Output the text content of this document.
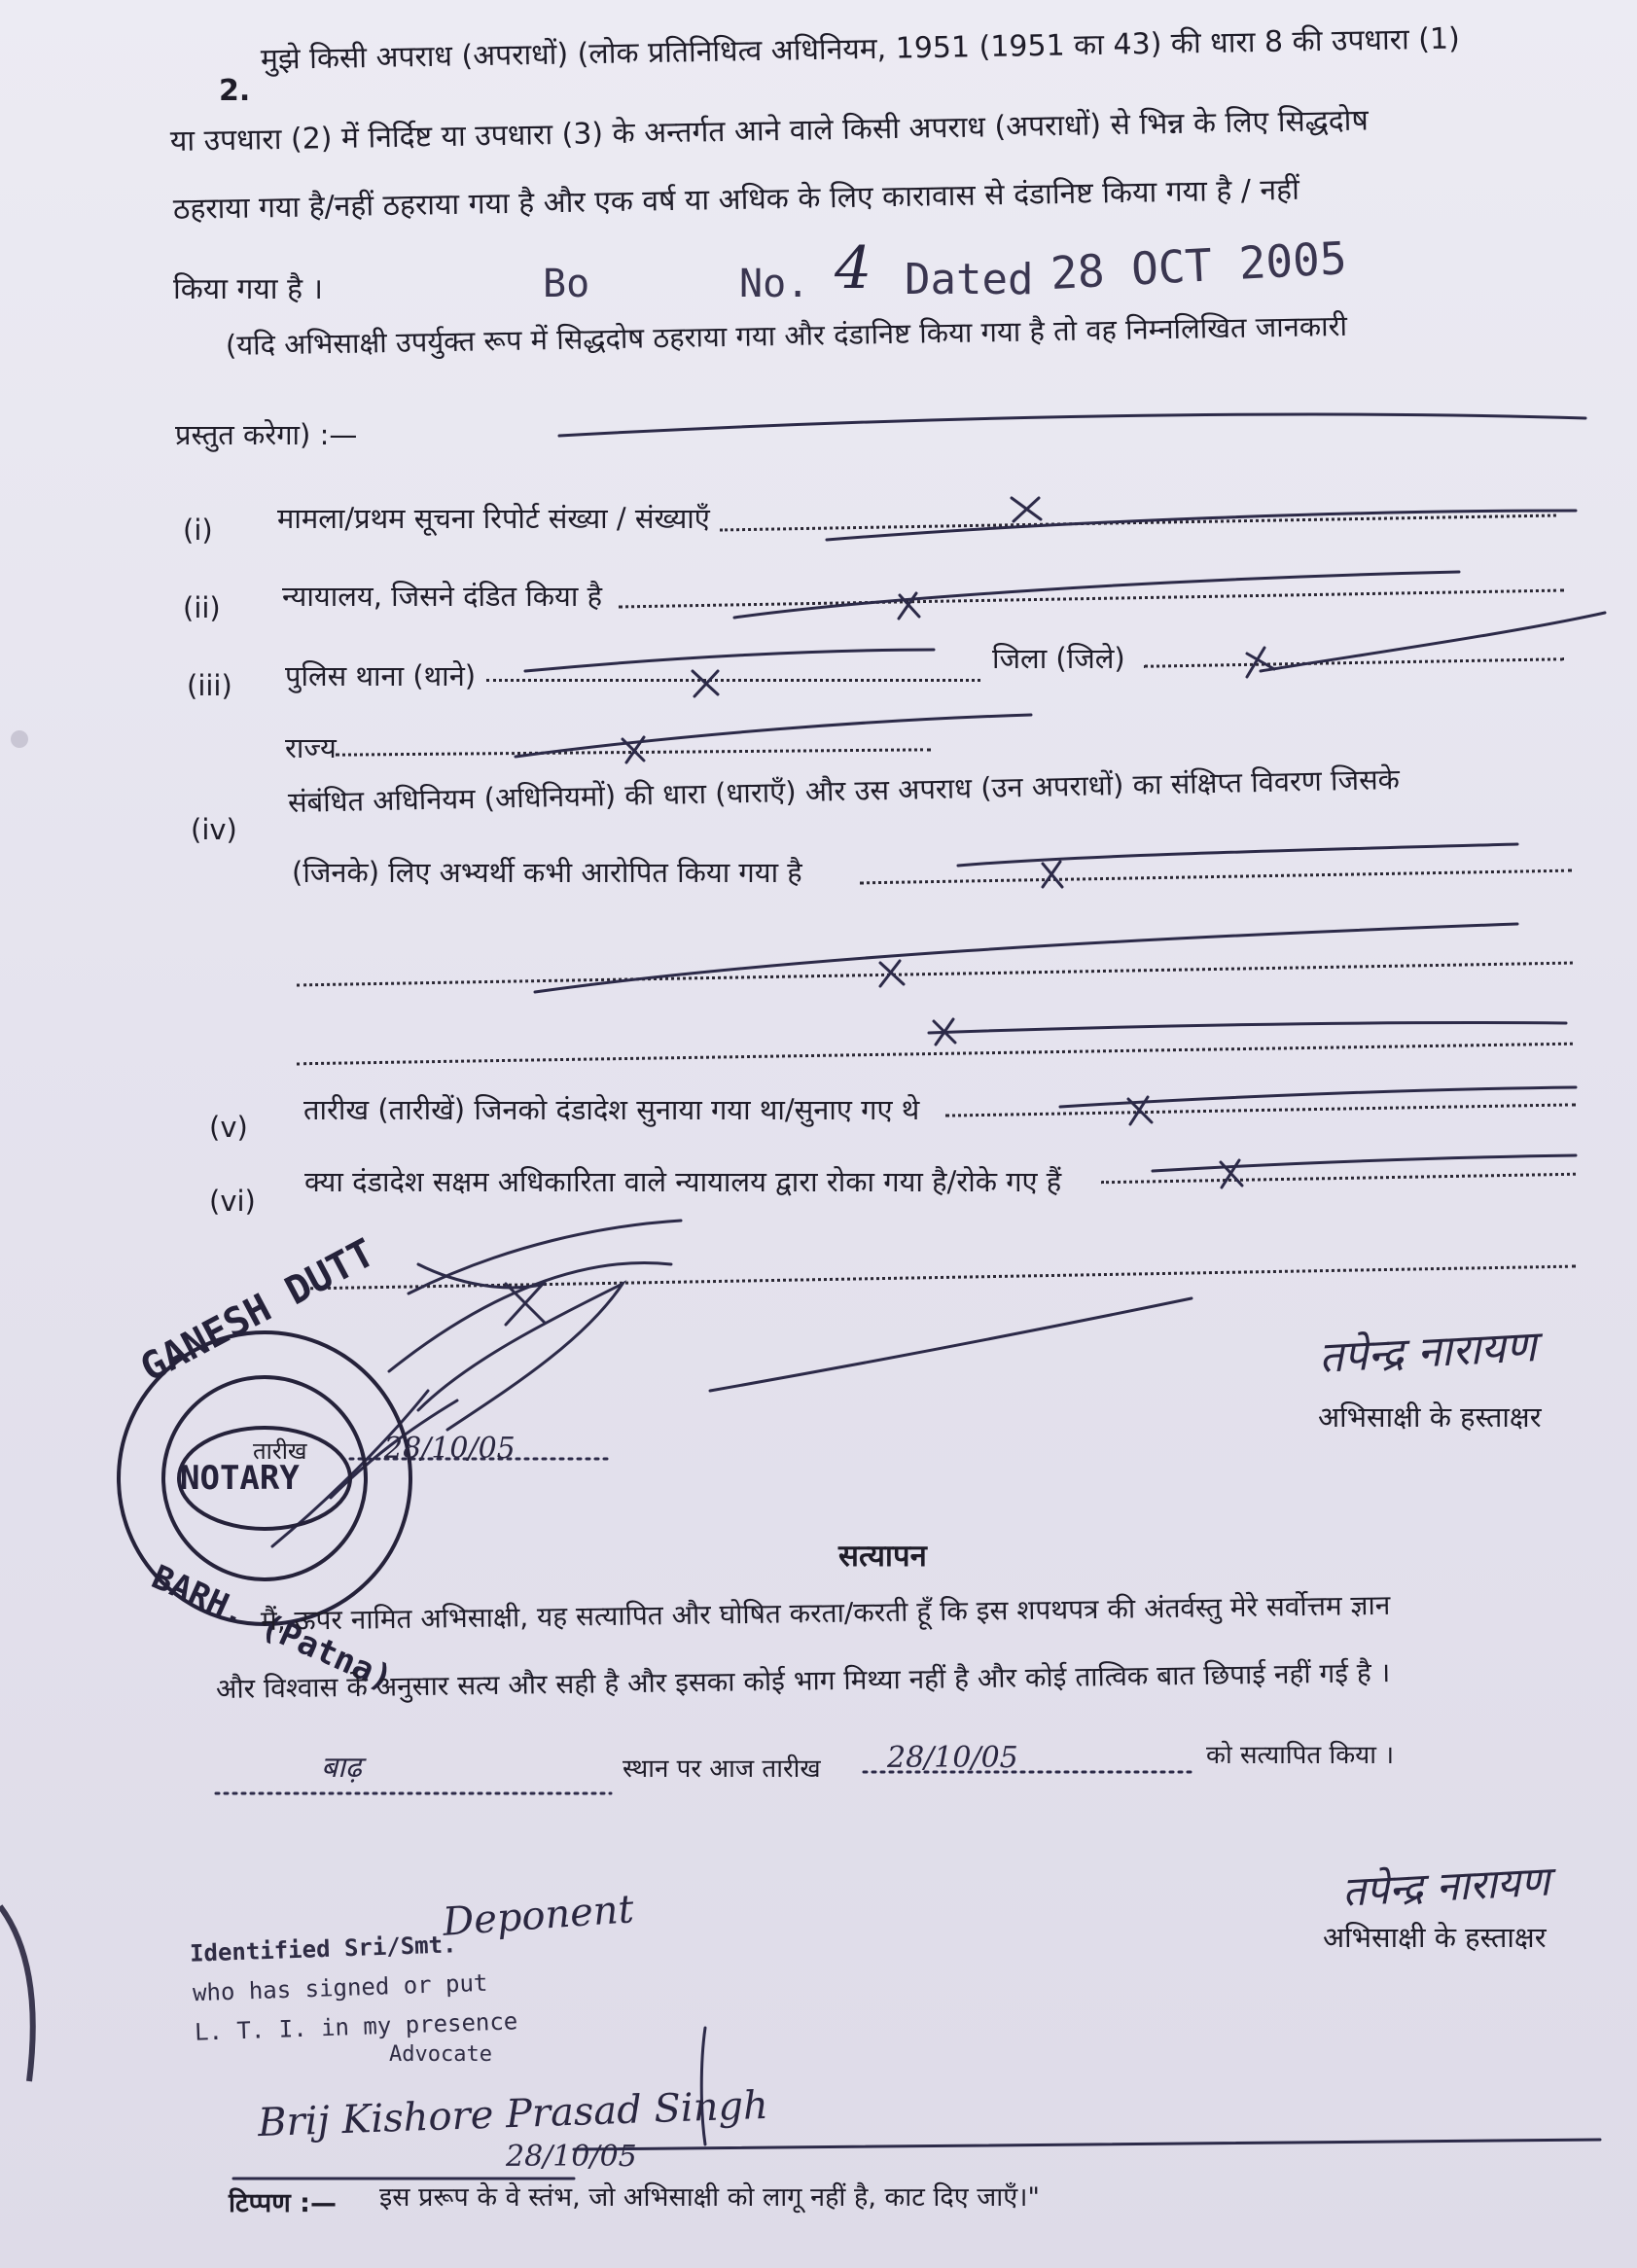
2.
मुझे किसी अपराध (अपराधों) (लोक प्रतिनिधित्व अधिनियम, 1951 (1951 का 43) की धारा 8 की उपधारा (1)
या उपधारा (2) में निर्दिष्ट या उपधारा (3) के अन्तर्गत आने वाले किसी अपराध (अपराधों) से भिन्न के लिए सिद्धदोष
ठहराया गया है/नहीं ठहराया गया है और एक वर्ष या अधिक के लिए कारावास से दंडानिष्ट किया गया है / नहीं
किया गया है ।	Bo	No. 4 Dated 28 OCT 2005
(यदि अभिसाक्षी उपर्युक्त रूप में सिद्धदोष ठहराया गया और दंडानिष्ट किया गया है तो वह निम्नलिखित जानकारी
प्रस्तुत करेगा) :—
(i) मामला/प्रथम सूचना रिपोर्ट संख्या / संख्याएँ
(ii) न्यायालय, जिसने दंडित किया है
(iii) पुलिस थाना (थाने)
जिला (जिले)
राज्य
(iv)
संबंधित अधिनियम (अधिनियमों) की धारा (धाराएँ) और उस अपराध (उन अपराधों) का संक्षिप्त विवरण जिसके
(जिनके) लिए अभ्यर्थी कभी आरोपित किया गया है
(v)
तारीख (तारीखें) जिनको दंडादेश सुनाया गया था/सुनाए गए थे
(vi)
क्या दंडादेश सक्षम अधिकारिता वाले न्यायालय द्वारा रोका गया है/रोके गए हैं
तपेन्द्र नारायण
अभिसाक्षी के हस्ताक्षर
तारीख	28/10/05
GANESH DUTT
NOTARY
BARH. (Patna)
सत्यापन
मैं, ऊपर नामित अभिसाक्षी, यह सत्यापित और घोषित करता/करती हूँ कि इस शपथपत्र की अंतर्वस्तु मेरे सर्वोत्तम ज्ञान
और विश्वास के अनुसार सत्य और सही है और इसका कोई भाग मिथ्या नहीं है और कोई तात्विक बात छिपाई नहीं गई है ।
बाढ़	स्थान पर आज तारीख 28/10/05	को सत्यापित किया ।
तपेन्द्र नारायण
अभिसाक्षी के हस्ताक्षर
Identified Sri/Smt.
Deponent
who has signed or put
L. T. I. in my presence
Advocate
Brij Kishore Prasad Singh
28/10/05
टिप्पण :— इस प्ररूप के वे स्तंभ, जो अभिसाक्षी को लागू नहीं है, काट दिए जाएँ।"
